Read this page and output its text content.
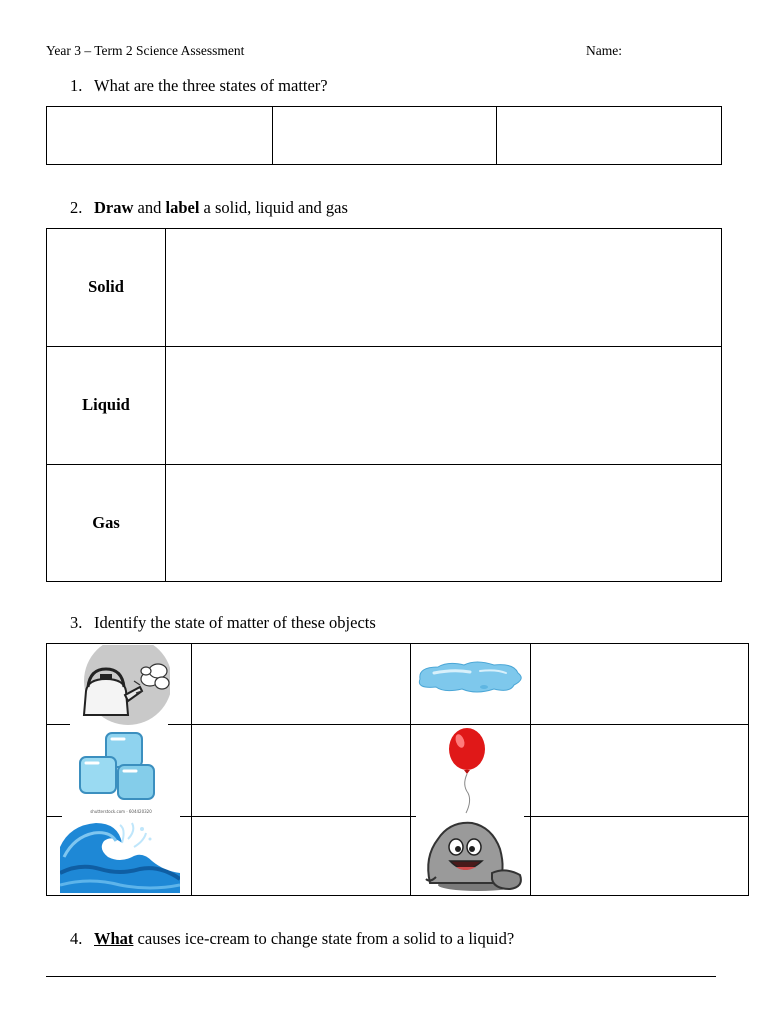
Year 3 – Term 2 Science Assessment	Name:
1. What are the three states of matter?
2. Draw and label a solid, liquid and gas
Solid
Liquid
Gas
3. Identify the state of matter of these objects
shutterstock.com · 604420320
4. What causes ice-cream to change state from a solid to a liquid?
